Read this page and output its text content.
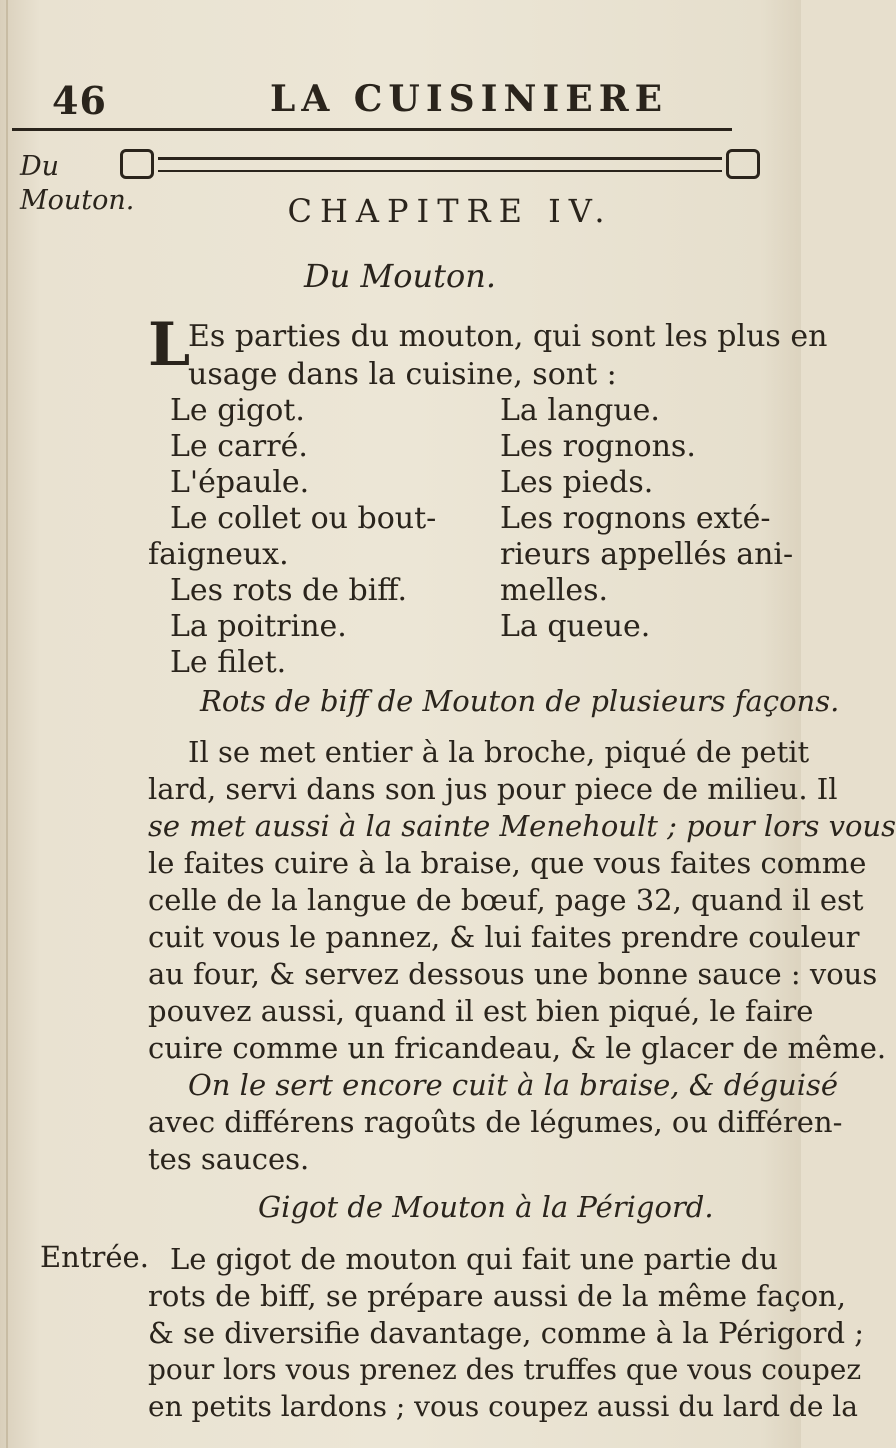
46	LA CUISINIERE
Du
Mouton.	CHAPITRE IV.
Du Mouton.
L
Es parties du mouton, qui sont les plus en
usage dans la cuisine, sont :
Le gigot.
Le carré.
L'épaule.
Le collet ou bout-
faigneux.
Les rots de biff.
La poitrine.
Le filet.
La langue.
Les rognons.
Les pieds.
Les rognons exté-
rieurs appellés ani-
melles.
La queue.
Rots de biff de Mouton de plusieurs façons.
Il se met entier à la broche, piqué de petit
lard, servi dans son jus pour piece de milieu. Il
se met aussi à la sainte Menehoult ; pour lors vous
le faites cuire à la braise, que vous faites comme
celle de la langue de bœuf, page 32, quand il est
cuit vous le pannez, & lui faites prendre couleur
au four, & servez dessous une bonne sauce : vous
pouvez aussi, quand il est bien piqué, le faire
cuire comme un fricandeau, & le glacer de même.
On le sert encore cuit à la braise, & déguisé
avec différens ragoûts de légumes, ou différen-
tes sauces.
Gigot de Mouton à la Périgord.
Entrée. Le gigot de mouton qui fait une partie du
rots de biff, se prépare aussi de la même façon,
& se diversifie davantage, comme à la Périgord ;
pour lors vous prenez des truffes que vous coupez
en petits lardons ; vous coupez aussi du lard de la
